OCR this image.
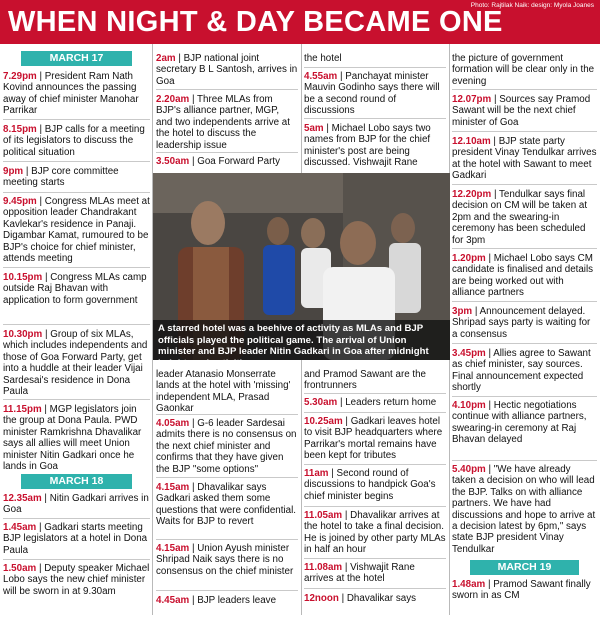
WHEN NIGHT & DAY BECAME ONE
Photo: Rajtilak Naik: design: Myola Joanes
MARCH 17

7.29pm | President Ram Nath Kovind announces the passing away of chief minister Manohar Parrikar

8.15pm | BJP calls for a meeting of its legislators to discuss the political situation

9pm | BJP core committee meeting starts

9.45pm | Congress MLAs meet at opposition leader Chandrakant Kavlekar's residence in Panaji. Digambar Kamat, rumoured to be BJP's choice for chief minister, attends meeting

10.15pm | Congress MLAs camp outside Raj Bhavan with application to form government

10.30pm | Group of six MLAs, which includes independents and those of Goa Forward Party, get into a huddle at their leader Vijai Sardesai's residence in Dona Paula

11.15pm | MGP legislators join the group at Dona Paula. PWD minister Ramkrishna Dhavalikar says all allies will meet Union minister Nitin Gadkari once he lands in Goa

MARCH 18

12.35am | Nitin Gadkari arrives in Goa

1.45am | Gadkari starts meeting BJP legislators at a hotel in Dona Paula

1.50am | Deputy speaker Michael Lobo says the new chief minister will be sworn in at 9.30am

2am | BJP national joint secretary B L Santosh, arrives in Goa

2.20am | Three MLAs from BJP's alliance partner, MGP, and two independents arrive at the hotel to discuss the leadership issue

3.50am | Goa Forward Party

leader Atanasio Monserrate lands at the hotel with 'missing' independent MLA, Prasad Gaonkar

4.05am | G-6 leader Sardesai admits there is no consensus on the next chief minister and confirms that they have given the BJP "some options"

4.15am | Dhavalikar says Gadkari asked them some questions that were confidential. Waits for BJP to revert

4.15am | Union Ayush minister Shripad Naik says there is no consensus on the chief minister

4.45am | BJP leaders leave

the hotel

4.55am | Panchayat minister Mauvin Godinho says there will be a second round of discussions

5am | Michael Lobo says two names from BJP for the chief minister's post are being discussed. Vishwajit Rane

and Pramod Sawant are the frontrunners

5.30am | Leaders return home

10.25am | Gadkari leaves hotel to visit BJP headquarters where Parrikar's mortal remains have been kept for tributes

11am | Second round of discussions to handpick Goa's chief minister begins

11.05am | Dhavalikar arrives at the hotel to take a final decision. He is joined by other party MLAs in half an hour

11.08am | Vishwajit Rane arrives at the hotel

12noon | Dhavalikar says

the picture of government formation will be clear only in the evening

12.07pm | Sources say Pramod Sawant will be the next chief minister of Goa

12.10am | BJP state party president Vinay Tendulkar arrives at the hotel with Sawant to meet Gadkari

12.20pm | Tendulkar says final decision on CM will be taken at 2pm and the swearing-in ceremony has been scheduled for 3pm

1.20pm | Michael Lobo says CM candidate is finalised and details are being worked out with alliance partners

3pm | Announcement delayed. Shripad says party is waiting for a consensus

3.45pm | Allies agree to Sawant as chief minister, say sources. Final announcement expected shortly

4.10pm | Hectic negotiations continue with alliance partners, swearing-in ceremony at Raj Bhavan delayed

5.40pm | "We have already taken a decision on who will lead the BJP. Talks on with alliance partners. We have had discussions and hope to arrive at a decision latest by 6pm," says state BJP president Vinay Tendulkar

MARCH 19

1.48am | Pramod Sawant finally sworn in as CM

A starred hotel was a beehive of activity as MLAs and BJP officials played the political game. The arrival of Union minister and BJP leader Nitin Gadkari in Goa after midnight heightened activities
